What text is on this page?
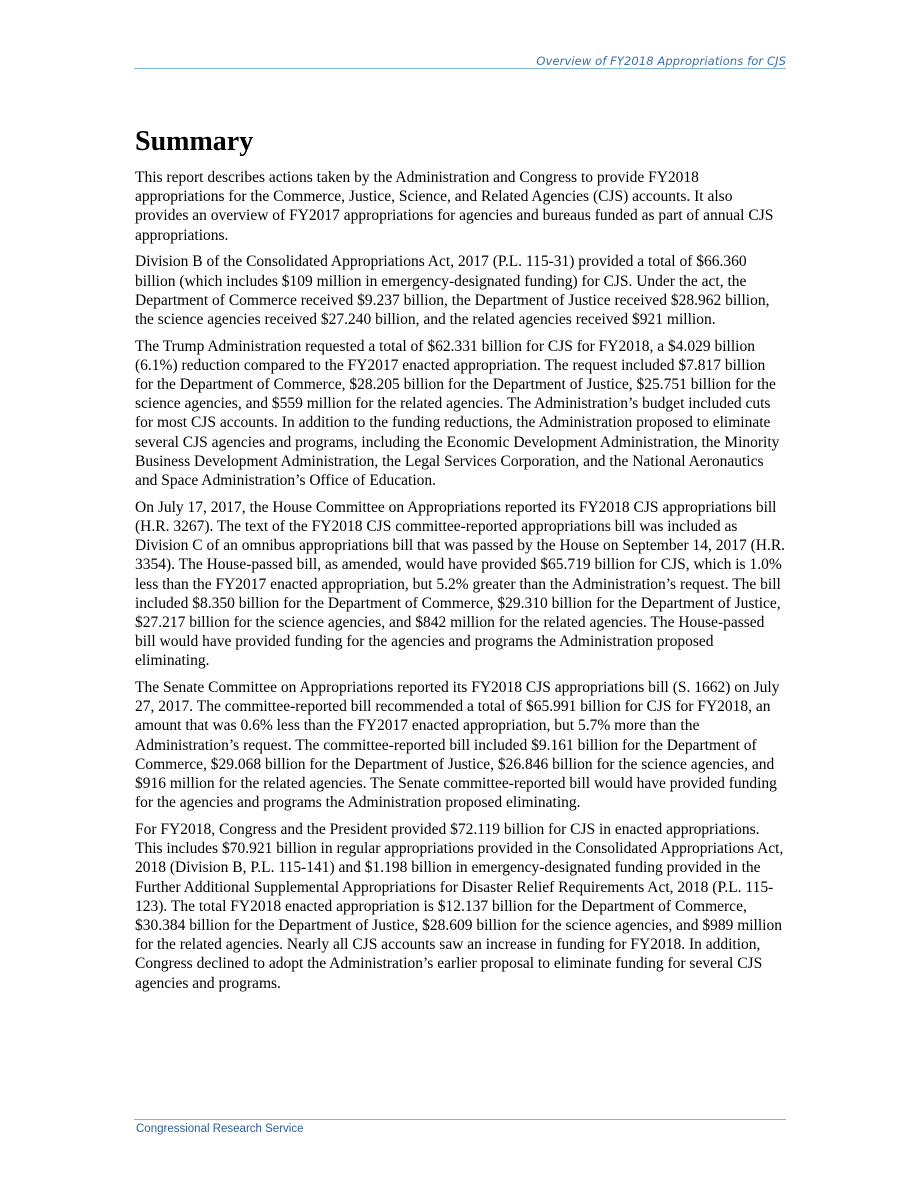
Overview of FY2018 Appropriations for CJS
Summary

This report describes actions taken by the Administration and Congress to provide FY2018 appropriations for the Commerce, Justice, Science, and Related Agencies (CJS) accounts. It also provides an overview of FY2017 appropriations for agencies and bureaus funded as part of annual CJS appropriations.

Division B of the Consolidated Appropriations Act, 2017 (P.L. 115-31) provided a total of $66.360 billion (which includes $109 million in emergency-designated funding) for CJS. Under the act, the Department of Commerce received $9.237 billion, the Department of Justice received $28.962 billion, the science agencies received $27.240 billion, and the related agencies received $921 million.

The Trump Administration requested a total of $62.331 billion for CJS for FY2018, a $4.029 billion (6.1%) reduction compared to the FY2017 enacted appropriation. The request included $7.817 billion for the Department of Commerce, $28.205 billion for the Department of Justice, $25.751 billion for the science agencies, and $559 million for the related agencies. The Administration’s budget included cuts for most CJS accounts. In addition to the funding reductions, the Administration proposed to eliminate several CJS agencies and programs, including the Economic Development Administration, the Minority Business Development Administration, the Legal Services Corporation, and the National Aeronautics and Space Administration’s Office of Education.

On July 17, 2017, the House Committee on Appropriations reported its FY2018 CJS appropriations bill (H.R. 3267). The text of the FY2018 CJS committee-reported appropriations bill was included as Division C of an omnibus appropriations bill that was passed by the House on September 14, 2017 (H.R. 3354). The House-passed bill, as amended, would have provided $65.719 billion for CJS, which is 1.0% less than the FY2017 enacted appropriation, but 5.2% greater than the Administration’s request. The bill included $8.350 billion for the Department of Commerce, $29.310 billion for the Department of Justice, $27.217 billion for the science agencies, and $842 million for the related agencies. The House-passed bill would have provided funding for the agencies and programs the Administration proposed eliminating.

The Senate Committee on Appropriations reported its FY2018 CJS appropriations bill (S. 1662) on July 27, 2017. The committee-reported bill recommended a total of $65.991 billion for CJS for FY2018, an amount that was 0.6% less than the FY2017 enacted appropriation, but 5.7% more than the Administration’s request. The committee-reported bill included $9.161 billion for the Department of Commerce, $29.068 billion for the Department of Justice, $26.846 billion for the science agencies, and $916 million for the related agencies. The Senate committee-reported bill would have provided funding for the agencies and programs the Administration proposed eliminating.

For FY2018, Congress and the President provided $72.119 billion for CJS in enacted appropriations. This includes $70.921 billion in regular appropriations provided in the Consolidated Appropriations Act, 2018 (Division B, P.L. 115-141) and $1.198 billion in emergency-designated funding provided in the Further Additional Supplemental Appropriations for Disaster Relief Requirements Act, 2018 (P.L. 115-123). The total FY2018 enacted appropriation is $12.137 billion for the Department of Commerce, $30.384 billion for the Department of Justice, $28.609 billion for the science agencies, and $989 million for the related agencies. Nearly all CJS accounts saw an increase in funding for FY2018. In addition, Congress declined to adopt the Administration’s earlier proposal to eliminate funding for several CJS agencies and programs.

Congressional Research Service
